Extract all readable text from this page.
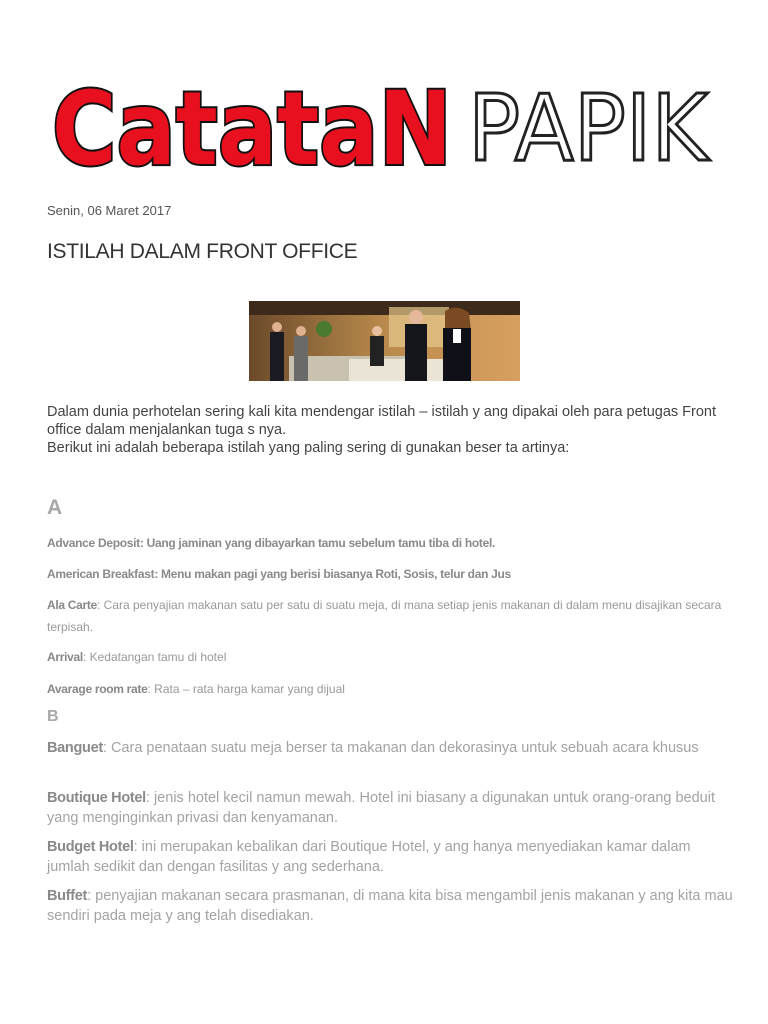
CatataN PAPIK
Senin, 06 Maret 2017
ISTILAH DALAM FRONT OFFICE

Dalam dunia perhotelan sering kali kita mendengar istilah – istilah y ang dipakai oleh para petugas Front office dalam menjalankan tuga s nya.

Berikut ini adalah beberapa istilah yang paling sering di gunakan beser ta artinya:

A
Advance Deposit: Uang jaminan yang dibayarkan tamu sebelum tamu tiba di hotel.
American Breakfast: Menu makan pagi yang berisi biasanya Roti, Sosis, telur dan Jus
Ala Carte: Cara penyajian makanan satu per satu di suatu meja, di mana setiap jenis makanan di dalam menu disajikan secara terpisah.
Arrival: Kedatangan tamu di hotel
Avarage room rate: Rata – rata harga kamar yang dijual
B
Banguet: Cara penataan suatu meja berser ta makanan dan dekorasinya untuk sebuah acara khusus
Boutique Hotel: jenis hotel kecil namun mewah. Hotel ini biasany a digunakan untuk orang-orang beduit yang menginginkan privasi dan kenyamanan.
Budget Hotel: ini merupakan kebalikan dari Boutique Hotel, y ang hanya menyediakan kamar dalam jumlah sedikit dan dengan fasilitas y ang sederhana.
Buffet: penyajian makanan secara prasmanan, di mana kita bisa mengambil jenis makanan y ang kita mau sendiri pada meja y ang telah disediakan.
